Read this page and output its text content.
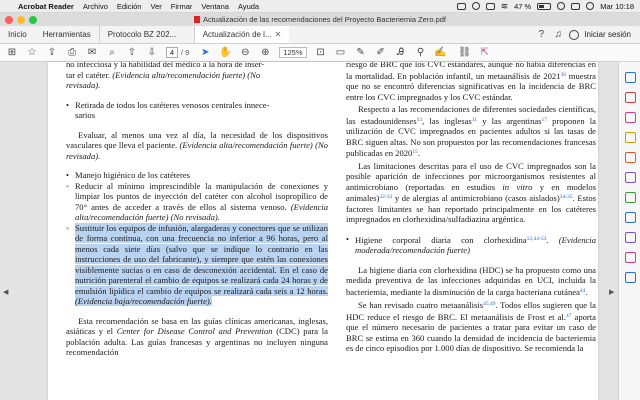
Acrobat Reader Archivo Edición Ver Firmar Ventana Ayuda	≋ 47 %	Mar 10:18
Actualización de las recomendaciones del Proyecto Bacteriemia Zero.pdf
Inicio	Herramientas	Protocolo BZ 202...	Actualización de l... ✕	?	♫	Iniciar sesión
⊞ ☆ ⇪ ⎙ ✉	⌕	⇧ ⇩	4 / 9 ➤ ✋ ⊖ ⊕	125%	⊡ ▭ ✎ ✐ Ꭿ ⚲ ✍ ⛓ ⇱
◀	▶
no infecciosa y la habilidad del médico a la hora de inser-
tar el catéter. (Evidencia alta/recomendación fuerte) (No
revisada).
• Retirada de todos los catéteres venosos centrales innece-
sarios
Evaluar, al menos una vez al día, la necesidad de los dispositivos vasculares que lleva el paciente. (Evidencia alta/recomendación fuerte) (No revisada).
• Manejo higiénico de los catéteres
◦ Reducir al mínimo imprescindible la manipulación de conexiones y limpiar los puntos de inyección del catéter con alcohol isopropílico de 70° antes de acceder a través de ellos al sistema venoso. (Evidencia alta/recomendación fuerte) (No revisada).
◦ Sustituir los equipos de infusión, alargaderas y conectores que se utilizan de forma continua, con una frecuencia no inferior a 96 horas, pero al menos cada siete días (salvo que se indique lo contrario en las instrucciones de uso del fabricante), y siempre que estén las conexiones visiblemente sucias o en caso de desconexión accidental. En el caso de nutrición parenteral el cambio de equipos se realizará cada 24 horas y de emulsión lipídica el cambio de equipos se realizará cada seis a 12 horas. (Evidencia baja/recomendación fuerte).
Esta recomendación se basa en las guías clínicas americanas, inglesas, asiáticas y el Center for Disease Control and Prevention (CDC) para la población adulta. Las guías francesas y argentinas no incluyen ninguna recomendación
riesgo de BRC que los CVC estándares, aunque no había diferencias en la mortalidad. En población infantil, un metaanálisis de 2021$^{30}$ muestra que no se encontró diferencias significativas en la incidencia de BRC entre los CVC impregnados y los CVC estándar.
Respecto a las recomendaciones de diferentes sociedades científicas, las estadounidenses$^{13}$, las inglesas$^{11}$ y las argentinas$^{17}$ proponen la utilización de CVC impregnados en pacientes adultos si las tasas de BRC siguen altas. No son propuestos por las recomendaciones francesas publicadas en 2020$^{15}$.
Las limitaciones descritas para el uso de CVC impregnados son la posible aparición de infecciones por microorganismos resistentes al antimicrobiano (reportadas en estudios in vitro y en modelos animales)$^{32-33}$ y de alergias al antimicrobiano (casos aislados)$^{34-35}$. Estos factores limitantes se han reportado principalmente en los catéteres impregnados en clorhexidina/sulfadiazina argéntica.
• Higiene corporal diaria con clorhexidina$^{12,44-53}$. (Evidencia moderada/recomendación fuerte)
La higiene diaria con clorhexidina (HDC) se ha propuesto como una medida preventiva de las infecciones adquiridas en UCI, incluida la bacteriemia, mediante la disminución de la carga bacteriana cutánea$^{44}$.
Se han revisado cuatro metaanálisis$^{45,49}$. Todos ellos sugieren que la HDC reduce el riesgo de BRC. El metaanálisis de Frost et al.$^{47}$ aporta que el número necesario de pacientes a tratar para evitar un caso de BRC se estima en 360 cuando la densidad de incidencia de bacteriemia es de cinco episodios por 1.000 días de dispositivo. Se recomienda la
